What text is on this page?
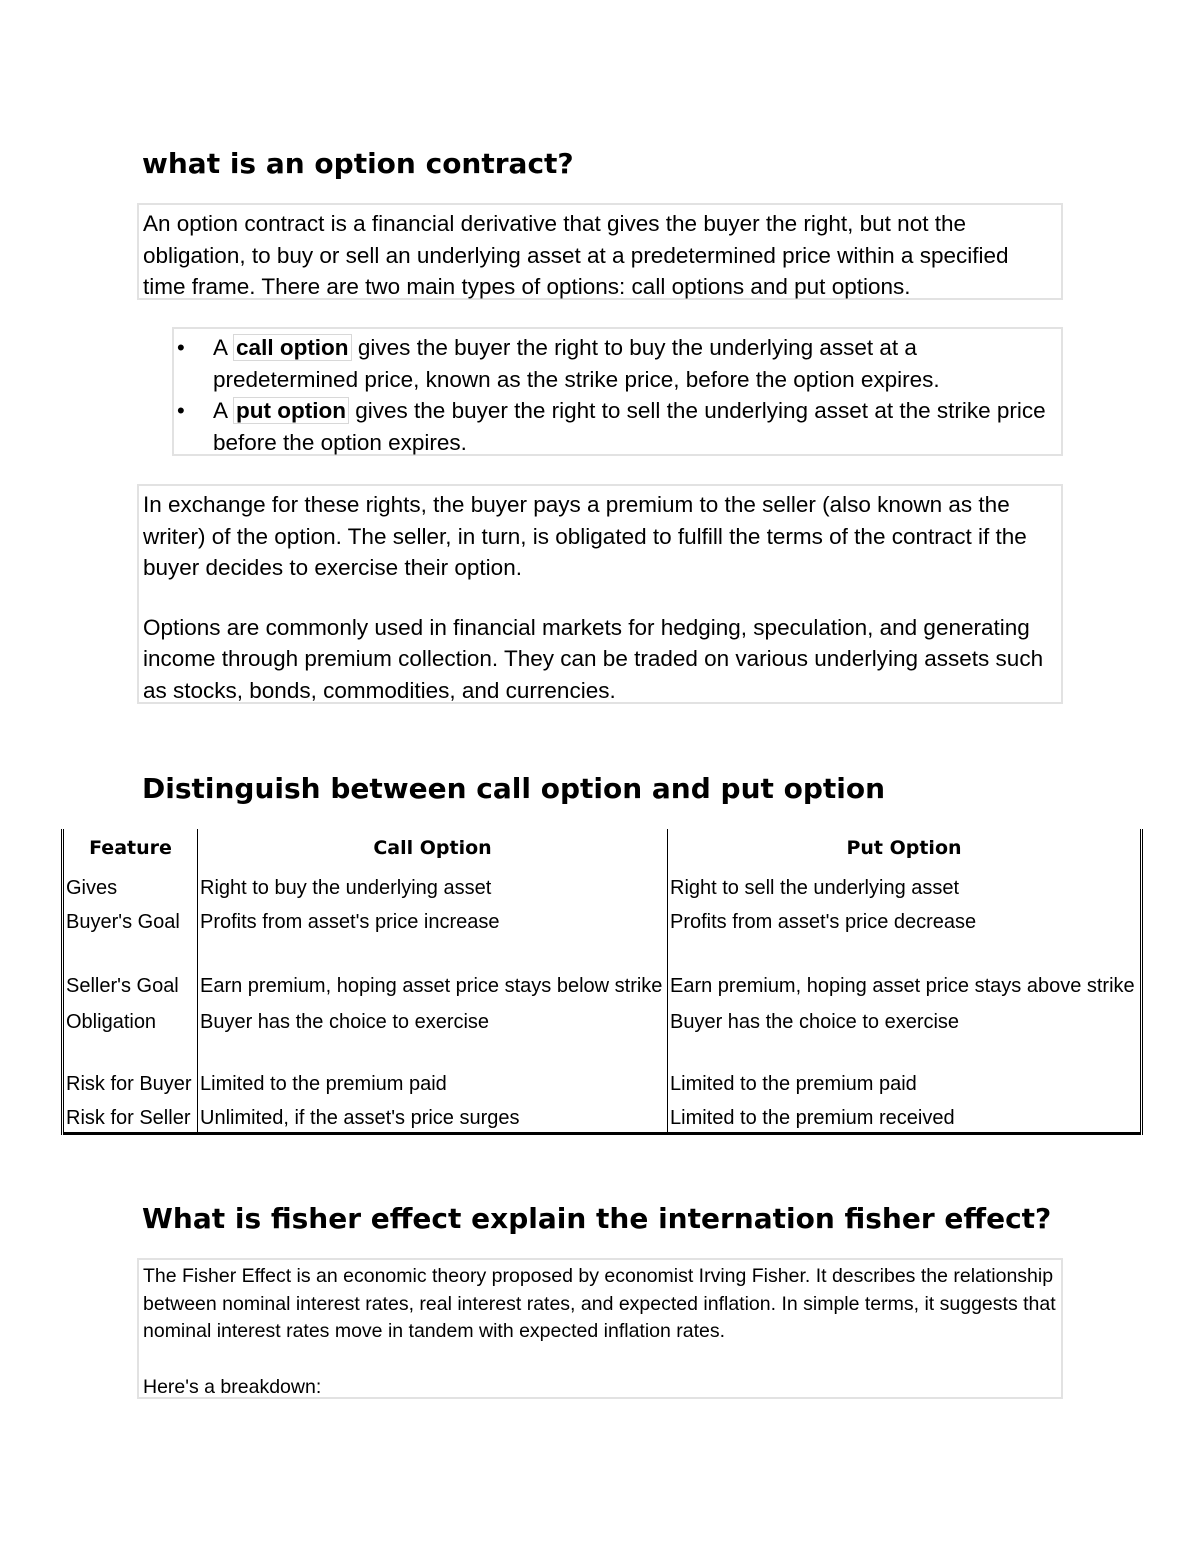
what is an option contract?

An option contract is a financial derivative that gives the buyer the right, but not the obligation, to buy or sell an underlying asset at a predetermined price within a specified time frame. There are two main types of options: call options and put options.

• A call option gives the buyer the right to buy the underlying asset at a predetermined price, known as the strike price, before the option expires.
• A put option gives the buyer the right to sell the underlying asset at the strike price before the option expires.

In exchange for these rights, the buyer pays a premium to the seller (also known as the writer) of the option. The seller, in turn, is obligated to fulfill the terms of the contract if the buyer decides to exercise their option.

Options are commonly used in financial markets for hedging, speculation, and generating income through premium collection. They can be traded on various underlying assets such as stocks, bonds, commodities, and currencies.

Distinguish between call option and put option
Feature	Call Option	Put Option
Gives	Right to buy the underlying asset	Right to sell the underlying asset
Buyer's Goal	Profits from asset's price increase	Profits from asset's price decrease
Seller's Goal	Earn premium, hoping asset price stays below strike	Earn premium, hoping asset price stays above strike
Obligation	Buyer has the choice to exercise	Buyer has the choice to exercise
Risk for Buyer	Limited to the premium paid	Limited to the premium paid
Risk for Seller	Unlimited, if the asset's price surges	Limited to the premium received
What is fisher effect explain the internation fisher effect?

The Fisher Effect is an economic theory proposed by economist Irving Fisher. It describes the relationship between nominal interest rates, real interest rates, and expected inflation. In simple terms, it suggests that nominal interest rates move in tandem with expected inflation rates.

Here's a breakdown:
